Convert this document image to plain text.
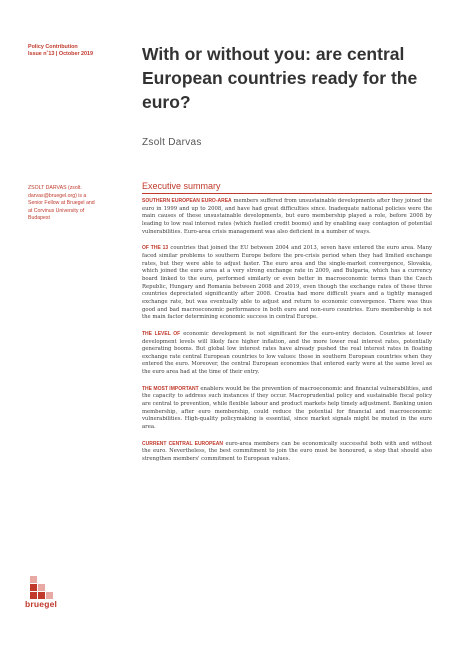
Policy Contribution
Issue n˚13 | October 2019	With or without you: are central European countries ready for the euro?
Zsolt Darvas
ZSOLT DARVAS (zsolt.
darvas@bruegel.org) is a
Senior Fellow at Bruegel and
at Corvinus University of
Budapest
Executive summary

SOUTHERN EUROPEAN EURO-AREA members suffered from unsustainable developments after they joined the euro in 1999 and up to 2008, and have had great difficulties since. Inadequate national policies were the main causes of these unsustainable developments, but euro membership played a role, before 2008 by leading to low real interest rates (which fuelled credit booms) and by enabling easy contagion of potential vulnerabilities. Euro-area crisis management was also deficient in a number of ways.

OF THE 13 countries that joined the EU between 2004 and 2013, seven have entered the euro area. Many faced similar problems to southern Europe before the pre-crisis period when they had limited exchange rates, but they were able to adjust faster. The euro area and the single-market convergence, Slovakia, which joined the euro area at a very strong exchange rate in 2009, and Bulgaria, which has a currency board linked to the euro, performed similarly or even better in macroeconomic terms than the Czech Republic, Hungary and Romania between 2008 and 2019, even though the exchange rates of these three countries depreciated significantly after 2008. Croatia had more difficult years and a tightly managed exchange rate, but was eventually able to adjust and return to economic convergence. There was thus good and bad macroeconomic performance in both euro and non-euro countries. Euro membership is not the main factor determining economic success in central Europe.

THE LEVEL OF economic development is not significant for the euro-entry decision. Countries at lower development levels will likely face higher inflation, and the more lower real interest rates, potentially generating booms. But global low interest rates have already pushed the real interest rates in floating exchange rate central European countries to low values: those in southern European countries when they entered the euro. Moreover, the central European economies that entered early were at the same level as the euro area had at the time of their entry.

THE MOST IMPORTANT enablers would be the prevention of macroeconomic and financial vulnerabilities, and the capacity to address such instances if they occur. Macroprudential policy and sustainable fiscal policy are central to prevention, while flexible labour and product markets help timely adjustment. Banking union membership, after euro membership, could reduce the potential for financial and macroeconomic vulnerabilities. High-quality policymaking is essential, since market signals might be muted in the euro area.

CURRENT CENTRAL EUROPEAN euro-area members can be economically successful both with and without the euro. Nevertheless, the best commitment to join the euro must be honoured, a step that should also strengthen members' commitment to European values.

bruegel
